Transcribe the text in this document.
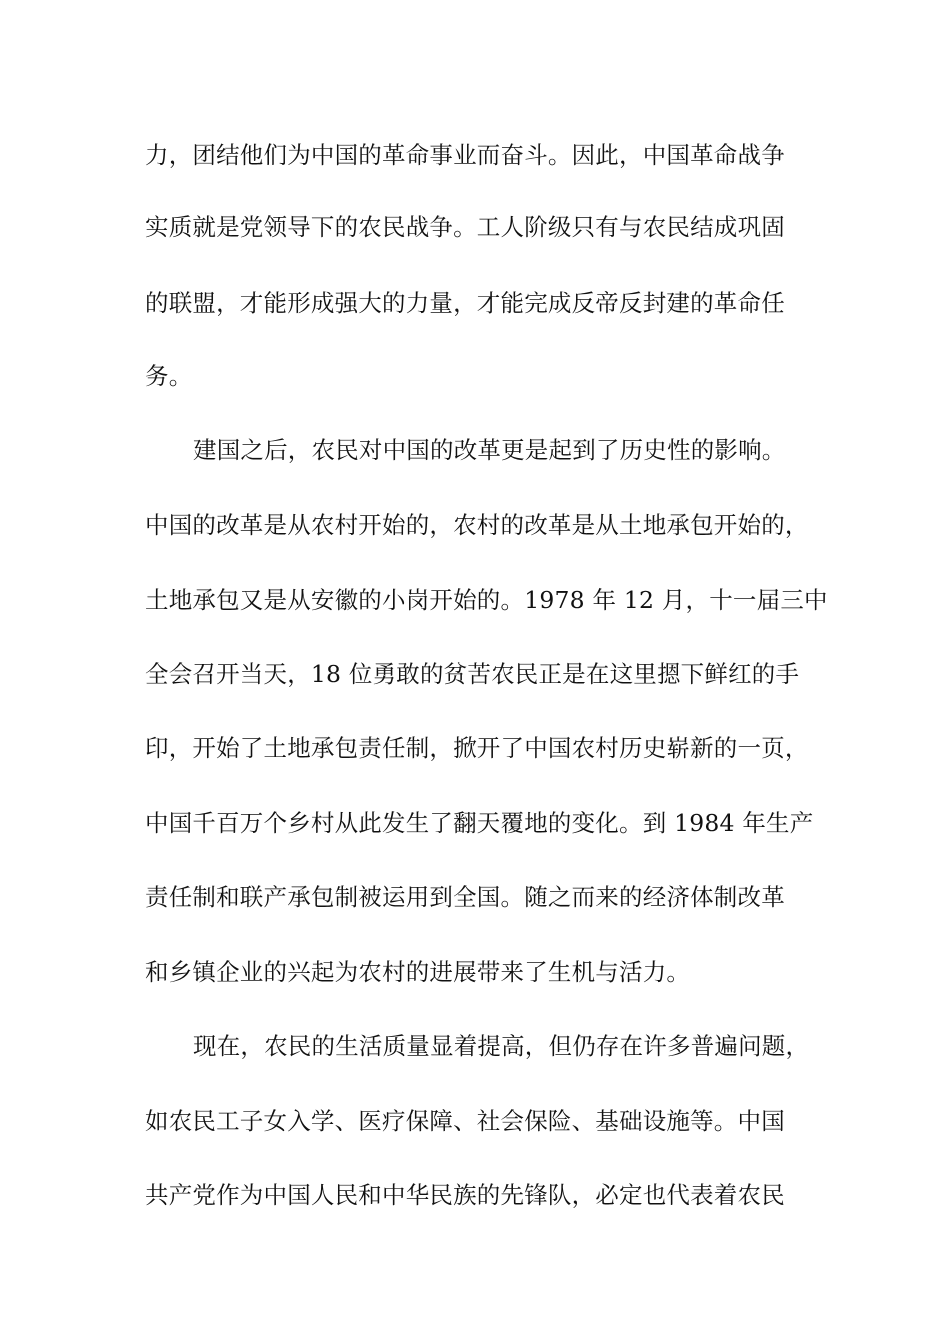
力，团结他们为中国的革命事业而奋斗。因此，中国革命战争
实质就是党领导下的农民战争。工人阶级只有与农民结成巩固
的联盟，才能形成强大的力量，才能完成反帝反封建的革命任
务。
建国之后，农民对中国的改革更是起到了历史性的影响。
中国的改革是从农村开始的，农村的改革是从土地承包开始的，
土地承包又是从安徽的小岗开始的。1978 年 12 月，十一届三中
全会召开当天，18 位勇敢的贫苦农民正是在这里摁下鲜红的手
印，开始了土地承包责任制，掀开了中国农村历史崭新的一页，
中国千百万个乡村从此发生了翻天覆地的变化。到 1984 年生产
责任制和联产承包制被运用到全国。随之而来的经济体制改革
和乡镇企业的兴起为农村的进展带来了生机与活力。
现在，农民的生活质量显着提高，但仍存在许多普遍问题，
如农民工子女入学、医疗保障、社会保险、基础设施等。中国
共产党作为中国人民和中华民族的先锋队，必定也代表着农民
